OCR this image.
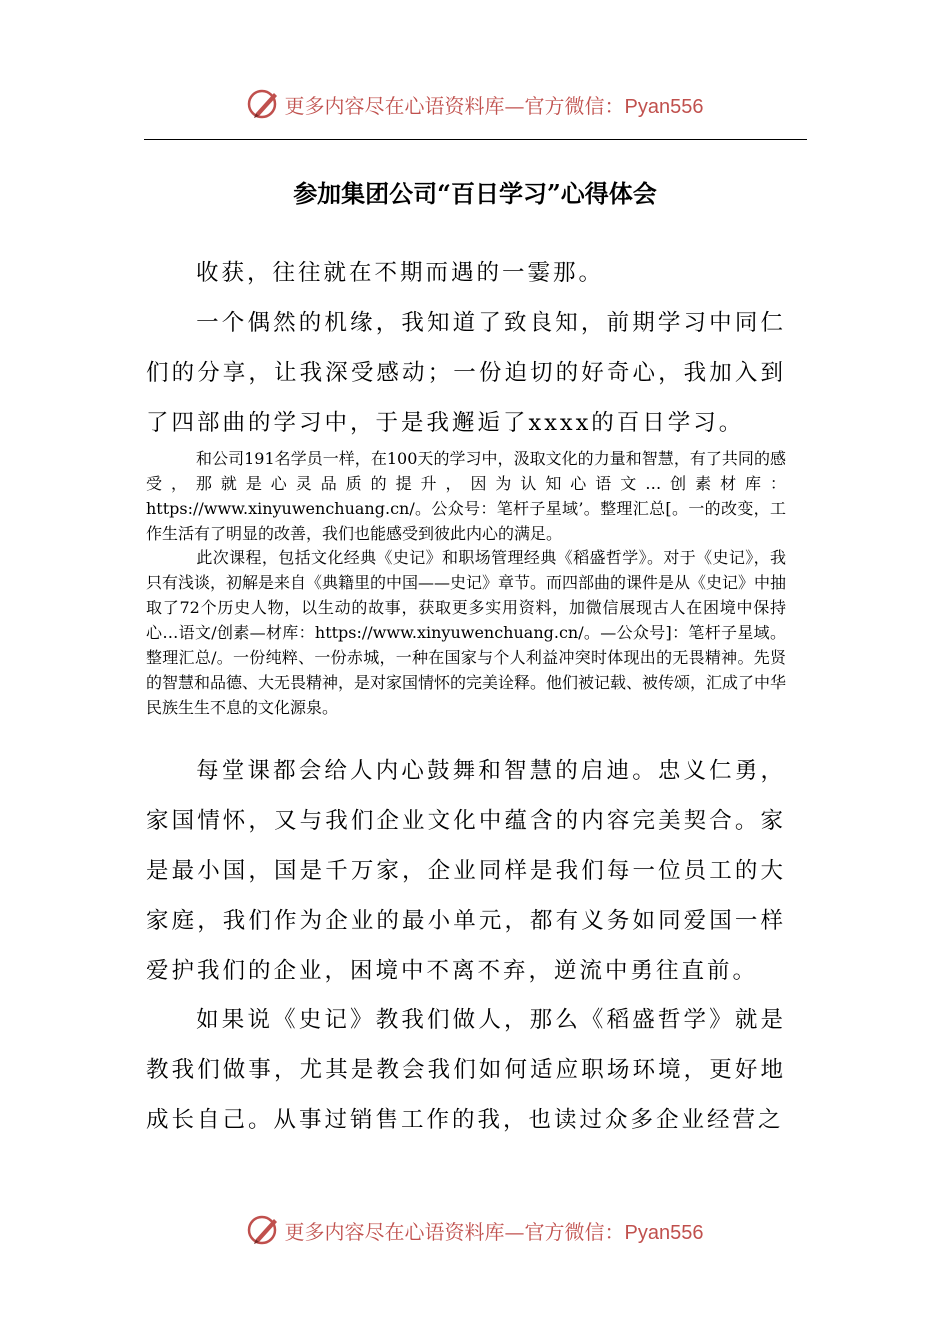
更多内容尽在心语资料库—官方微信：Pyan556
参加集团公司“百日学习”心得体会

收获，往往就在不期而遇的一霎那。

一个偶然的机缘，我知道了致良知，前期学习中同仁们的分享，让我深受感动；一份迫切的好奇心，我加入到了四部曲的学习中，于是我邂逅了xxxx的百日学习。

和公司191名学员一样，在100天的学习中，汲取文化的力量和智慧，有了共同的感受，那就是心灵品质的提升，因为认知心语文…创素材库：https://www.xinyuwenchuang.cn/。公众号：笔杆子星域’。整理汇总[。一的改变，工作生活有了明显的改善，我们也能感受到彼此内心的满足。

此次课程，包括文化经典《史记》和职场管理经典《稻盛哲学》。对于《史记》，我只有浅谈，初解是来自《典籍里的中国——史记》章节。而四部曲的课件是从《史记》中抽取了72个历史人物，以生动的故事，获取更多实用资料，加微信展现古人在困境中保持心…语文/创素—材库：https://www.xinyuwenchuang.cn/。—公众号]：笔杆子星域。整理汇总/。一份纯粹、一份赤城，一种在国家与个人利益冲突时体现出的无畏精神。先贤的智慧和品德、大无畏精神，是对家国情怀的完美诠释。他们被记载、被传颂，汇成了中华民族生生不息的文化源泉。

每堂课都会给人内心鼓舞和智慧的启迪。忠义仁勇，家国情怀，又与我们企业文化中蕴含的内容完美契合。家是最小国，国是千万家，企业同样是我们每一位员工的大家庭，我们作为企业的最小单元，都有义务如同爱国一样爱护我们的企业，困境中不离不弃，逆流中勇往直前。

如果说《史记》教我们做人，那么《稻盛哲学》就是教我们做事，尤其是教会我们如何适应职场环境，更好地成长自己。从事过销售工作的我，也读过众多企业经营之

更多内容尽在心语资料库—官方微信：Pyan556
